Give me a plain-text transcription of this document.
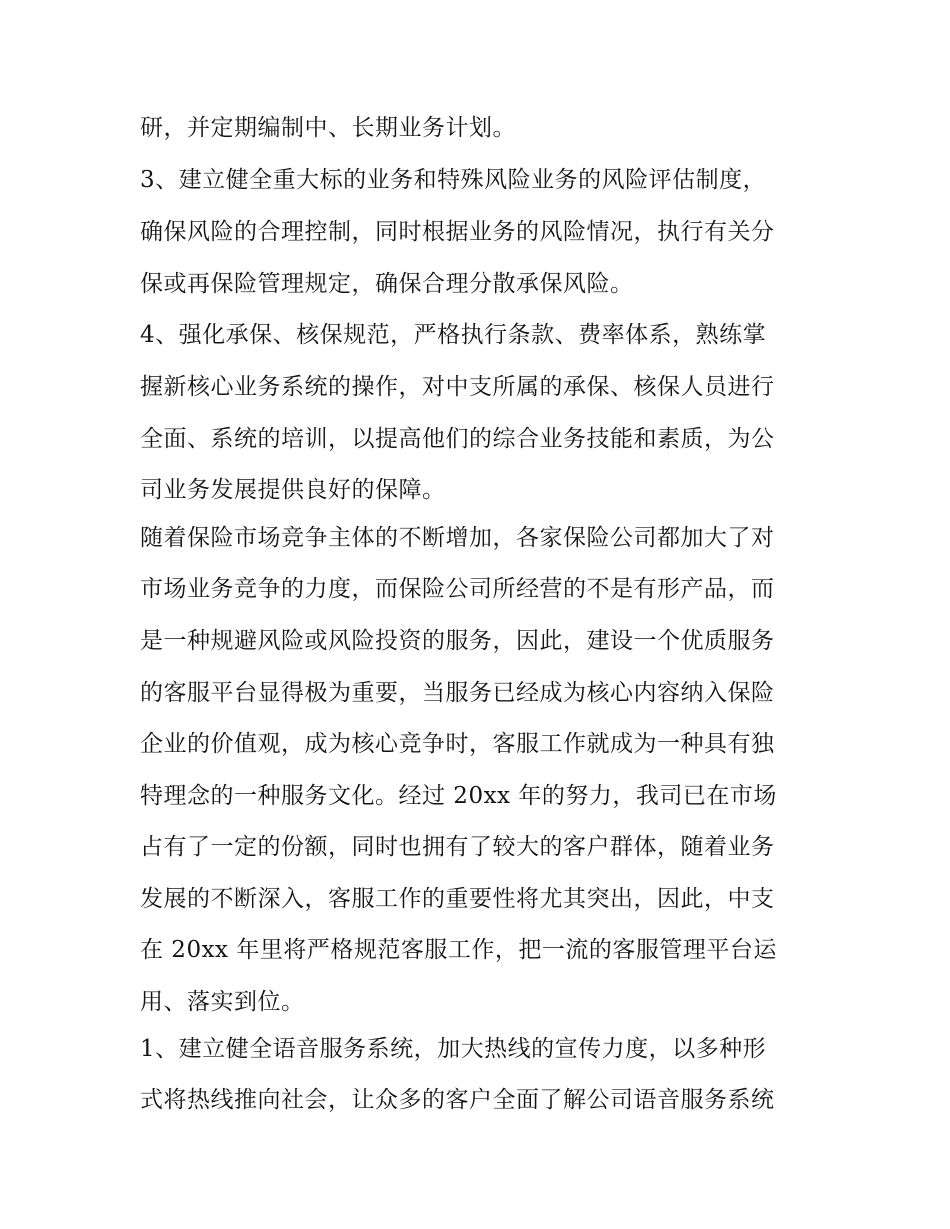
研，并定期编制中、长期业务计划。
3、建立健全重大标的业务和特殊风险业务的风险评估制度，
确保风险的合理控制，同时根据业务的风险情况，执行有关分
保或再保险管理规定，确保合理分散承保风险。
4、强化承保、核保规范，严格执行条款、费率体系，熟练掌
握新核心业务系统的操作，对中支所属的承保、核保人员进行
全面、系统的培训，以提高他们的综合业务技能和素质，为公
司业务发展提供良好的保障。
随着保险市场竞争主体的不断增加，各家保险公司都加大了对
市场业务竞争的力度，而保险公司所经营的不是有形产品，而
是一种规避风险或风险投资的服务，因此，建设一个优质服务
的客服平台显得极为重要，当服务已经成为核心内容纳入保险
企业的价值观，成为核心竞争时，客服工作就成为一种具有独
特理念的一种服务文化。经过 20xx 年的努力，我司已在市场
占有了一定的份额，同时也拥有了较大的客户群体，随着业务
发展的不断深入，客服工作的重要性将尤其突出，因此，中支
在 20xx 年里将严格规范客服工作，把一流的客服管理平台运
用、落实到位。
1、建立健全语音服务系统，加大热线的宣传力度，以多种形
式将热线推向社会，让众多的客户全面了解公司语音服务系统
